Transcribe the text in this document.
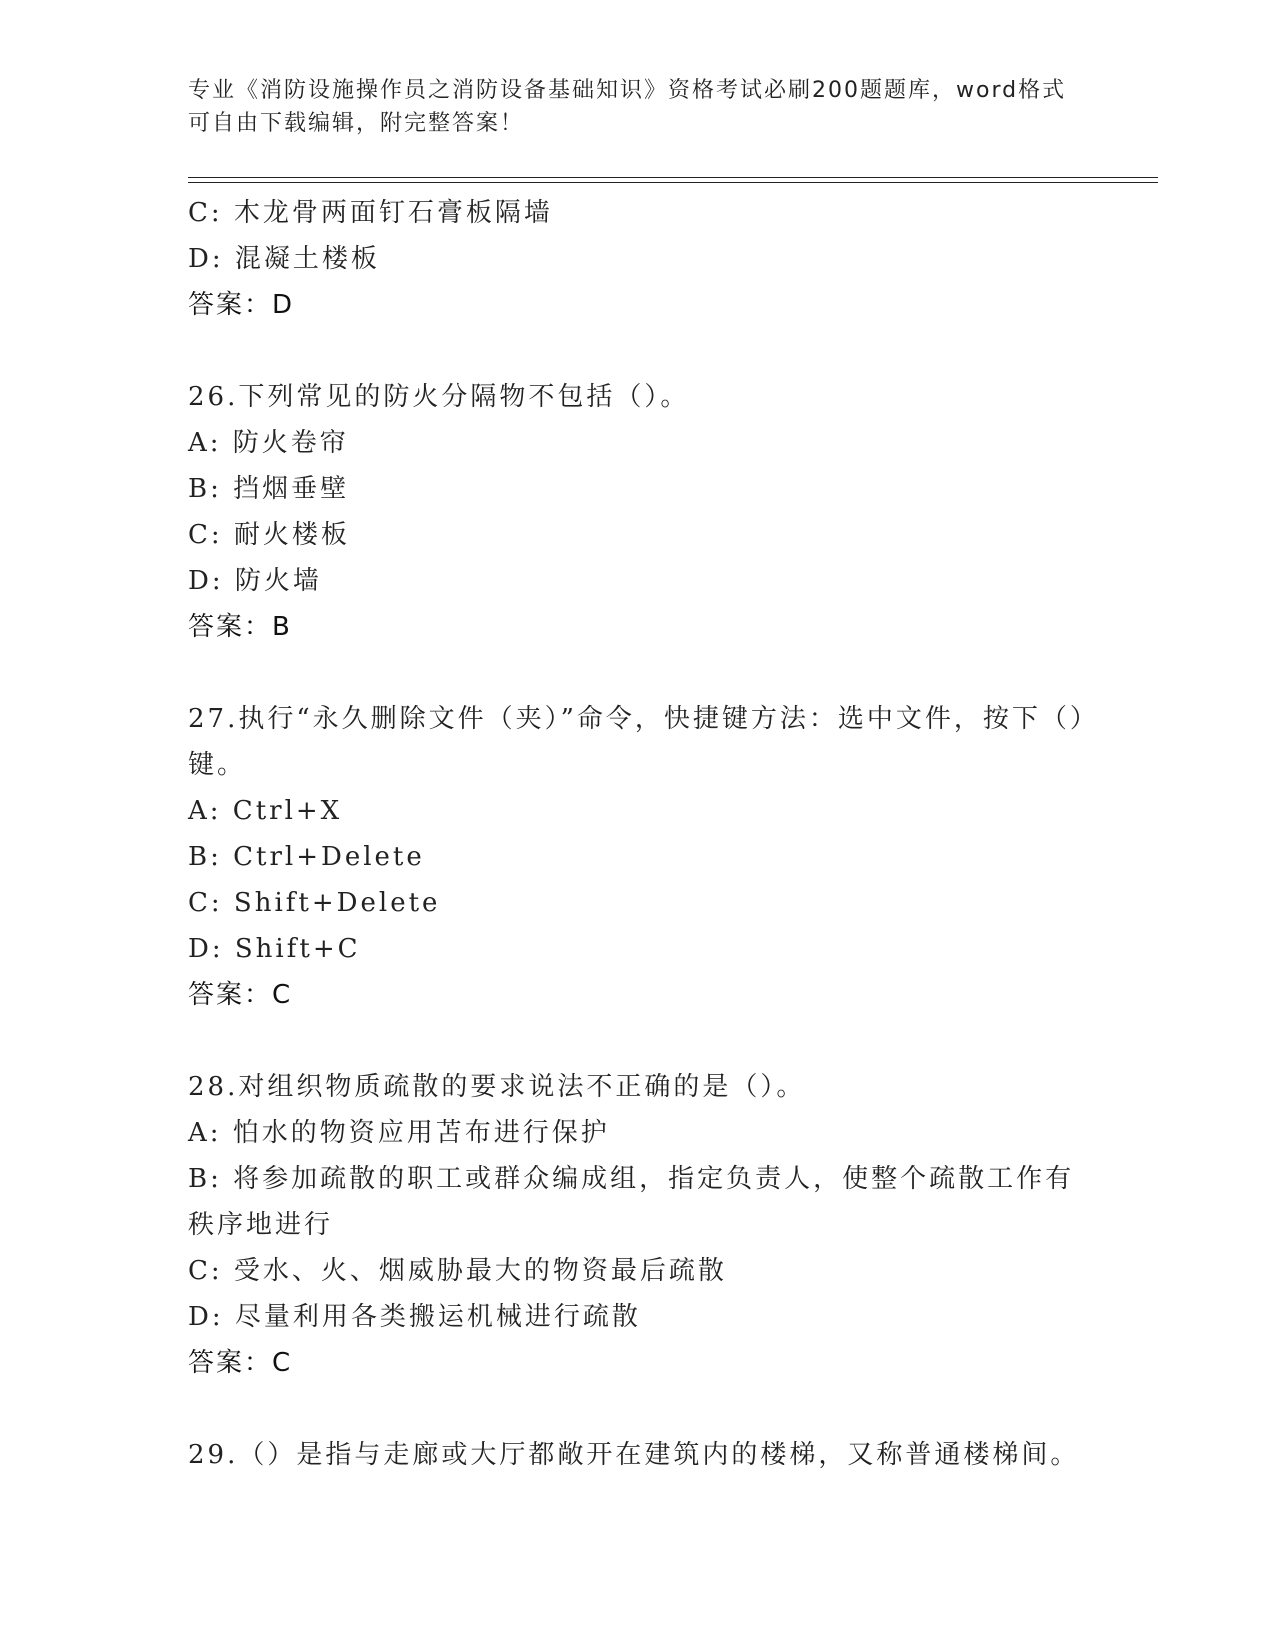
专业《消防设施操作员之消防设备基础知识》资格考试必刷200题题库，word格式可自由下载编辑，附完整答案！
C: 木龙骨两面钉石膏板隔墙
D: 混凝土楼板
答案：D
26.下列常见的防火分隔物不包括（）。
A: 防火卷帘
B: 挡烟垂壁
C: 耐火楼板
D: 防火墙
答案：B
27.执行“永久删除文件（夹）”命令，快捷键方法：选中文件，按下（）键。
A: Ctrl+X
B: Ctrl+Delete
C: Shift+Delete
D: Shift+C
答案：C
28.对组织物质疏散的要求说法不正确的是（）。
A: 怕水的物资应用苫布进行保护
B: 将参加疏散的职工或群众编成组，指定负责人，使整个疏散工作有秩序地进行
C: 受水、火、烟威胁最大的物资最后疏散
D: 尽量利用各类搬运机械进行疏散
答案：C
29.（）是指与走廊或大厅都敞开在建筑内的楼梯，又称普通楼梯间。
